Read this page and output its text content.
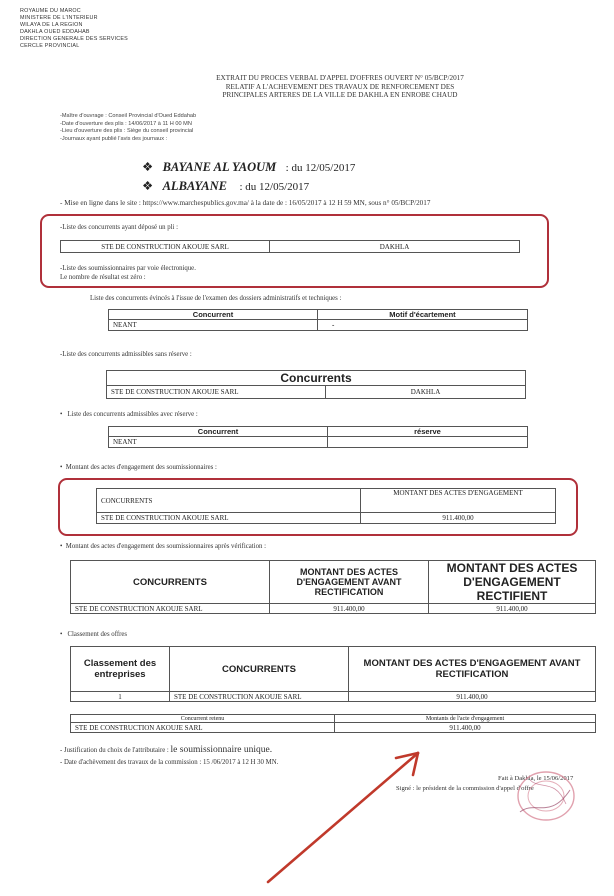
ROYAUME DU MAROC
MINISTERE DE L'INTERIEUR
WILAYA DE LA REGION
DAKHLA OUED EDDAHAB
DIRECTION GENERALE DES SERVICES
CERCLE PROVINCIAL
EXTRAIT DU PROCES VERBAL D'APPEL D'OFFRES OUVERT N° 05/BCP/2017
RELATIF A L'ACHEVEMENT DES TRAVAUX DE RENFORCEMENT DES
PRINCIPALES ARTERES DE LA VILLE DE DAKHLA EN ENROBE CHAUD
-Maître d'ouvrage : Conseil Provincial d'Oued Eddahab
-Date d'ouverture des plis : 14/06/2017 à 11 H 00 MN
-Lieu d'ouverture des plis : Siège du conseil provincial
-Journaux ayant publié l'avis des journaux :
❖ BAYANE AL YAOUM : du 12/05/2017
❖ ALBAYANE : du 12/05/2017
- Mise en ligne dans le site : https://www.marchespublics.gov.ma/ à la date de : 16/05/2017 à 12 H 59 MN, sous n° 05/BCP/2017
-Liste des concurrents ayant déposé un pli :
STE DE CONSTRUCTION AKOUJE SARL	DAKHLA
-Liste des soumissionnaires par voie électronique.
Le nombre de résultat est zéro :
Liste des concurrents évincés à l'issue de l'examen des dossiers administratifs et techniques :
Concurrent	Motif d'écartement
NEANT	-
-Liste des concurrents admissibles sans réserve :
Concurrents
STE DE CONSTRUCTION AKOUJE SARL	DAKHLA
• Liste des concurrents admissibles avec réserve :
Concurrent	réserve
NEANT	
• Montant des actes d'engagement des soumissionnaires :
CONCURRENTS	MONTANT DES ACTES D'ENGAGEMENT
STE DE CONSTRUCTION AKOUJE SARL	911.400,00
• Montant des actes d'engagement des soumissionnaires après vérification :
CONCURRENTS	MONTANT DES ACTES D'ENGAGEMENT AVANT RECTIFICATION	MONTANT DES ACTES D'ENGAGEMENT RECTIFIENT
STE DE CONSTRUCTION AKOUJE SARL	911.400,00	911.400,00
• Classement des offres
Classement des entreprises	CONCURRENTS	MONTANT DES ACTES D'ENGAGEMENT AVANT RECTIFICATION
1	STE DE CONSTRUCTION AKOUJE SARL	911.400,00
Concurrent retenu	Montants de l'acte d'engagement
STE DE CONSTRUCTION AKOUJE SARL	911.400,00
- Justification du choix de l'attributaire : le soumissionnaire unique.
- Date d'achèvement des travaux de la commission : 15 /06/2017 à 12 H 30 MN.
Fait à Dakhla, le 15/06/2017
Signé : le président de la commission d'appel d'offre
